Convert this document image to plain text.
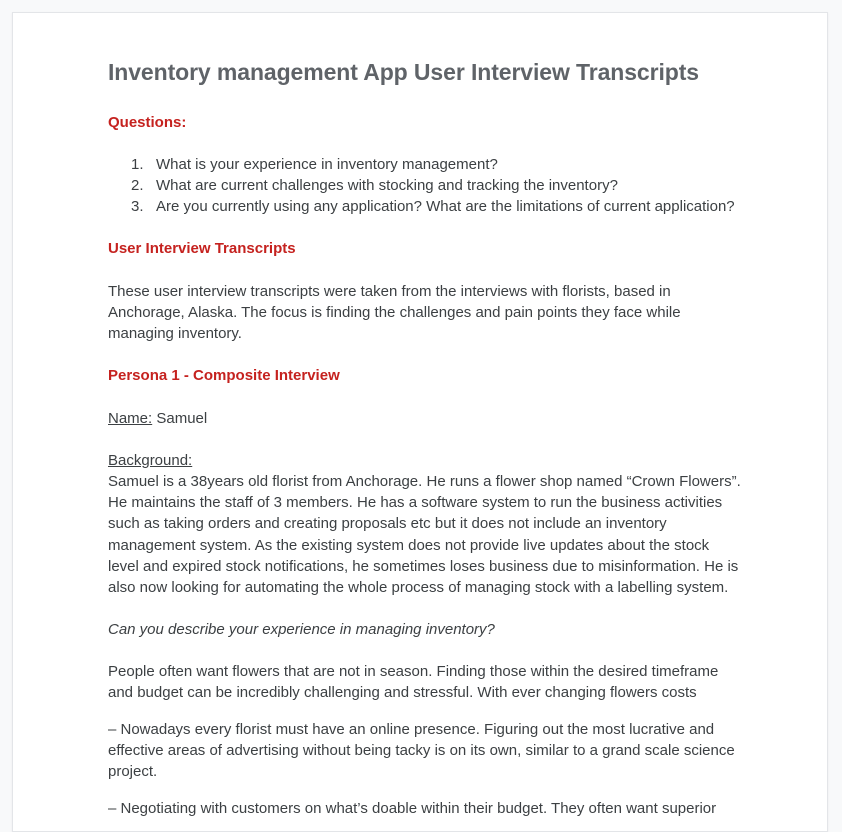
Inventory management App User Interview Transcripts
Questions:
1. What is your experience in inventory management?
2. What are current challenges with stocking and tracking the inventory?
3. Are you currently using any application? What are the limitations of current application?
User Interview Transcripts

These user interview transcripts were taken from the interviews with florists, based in Anchorage, Alaska. The focus is finding the challenges and pain points they face while managing inventory.

Persona 1 - Composite Interview

Name: Samuel

Background:

Samuel is a 38years old florist from Anchorage. He runs a flower shop named “Crown Flowers”. He maintains the staff of 3 members. He has a software system to run the business activities such as taking orders and creating proposals etc but it does not include an inventory management system. As the existing system does not provide live updates about the stock level and expired stock notifications, he sometimes loses business due to misinformation. He is also now looking for automating the whole process of managing stock with a labelling system.

Can you describe your experience in managing inventory?

People often want flowers that are not in season. Finding those within the desired timeframe and budget can be incredibly challenging and stressful. With ever changing flowers costs

– Nowadays every florist must have an online presence. Figuring out the most lucrative and effective areas of advertising without being tacky is on its own, similar to a grand scale science project.

– Negotiating with customers on what’s doable within their budget. They often want superior
